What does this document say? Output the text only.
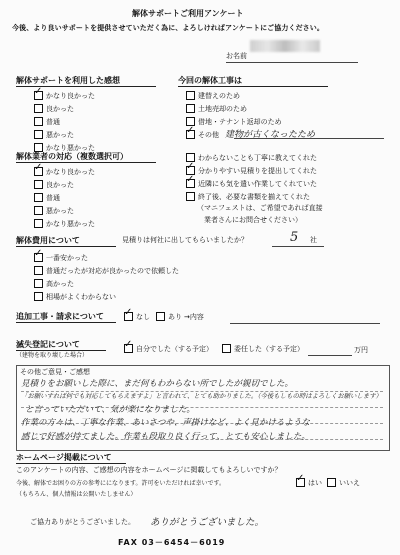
解体サポートご利用アンケート
今後、より良いサポートを提供させていただく為に、よろしければアンケートにご協力ください。
お名前
解体サポートを利用した感想
✓
かなり良かった
良かった
普通
悪かった
かなり悪かった
今回の解体工事は
建替えのため
土地売却のため
借地・テナント返却のため
✓
その他 建物が古くなったため
解体業者の対応（複数選択可）
✓
かなり良かった
良かった
普通
悪かった
かなり悪かった
わからないことも丁寧に教えてくれた
✓
分かりやすい見積りを提出してくれた
✓
近隣にも気を遣い作業してくれていた
終了後、必要な書類を揃えてくれた
（マニフェストは、ご希望であれば直接
業者さんにお問合せください）
解体費用について	見積りは何社に出してもらいましたか？	5 社
✓
一番安かった
普通だったが対応が良かったので依頼した
高かった
相場がよくわからない
追加工事・請求について
✓	なし	あり → 内容
滅失登記について
（建物を取り壊した場合）
✓
自分でした（する予定）	委任した（する予定）	万円
その他ご意見・ご感想
見積りをお願いした際に、まだ何もわからない所でしたが親切でした。
「お願いすれば何でも対応してもらえますよ」と言われて、とても助かりました。（今後もしもの時はよろしくお願いします）
と言っていただいて、気が楽になりました。
作業の方々は、丁寧な作業、あいさつや、声掛けなど、よく見かけるような
感じで好感が持てました。作業も段取り良く行って、とても安心しました。
ホームページ掲載について
このアンケートの内容、ご感想の内容をホームページに掲載してもよろしいですか？
今後、解体でお困りの方の参考にになります。許可をいただければ幸いです。
（もちろん、個人情報は公開いたしません）
✓
はい いいえ
ご協力ありがとうございました。 ありがとうございました。
FAX 03－6454－6019
